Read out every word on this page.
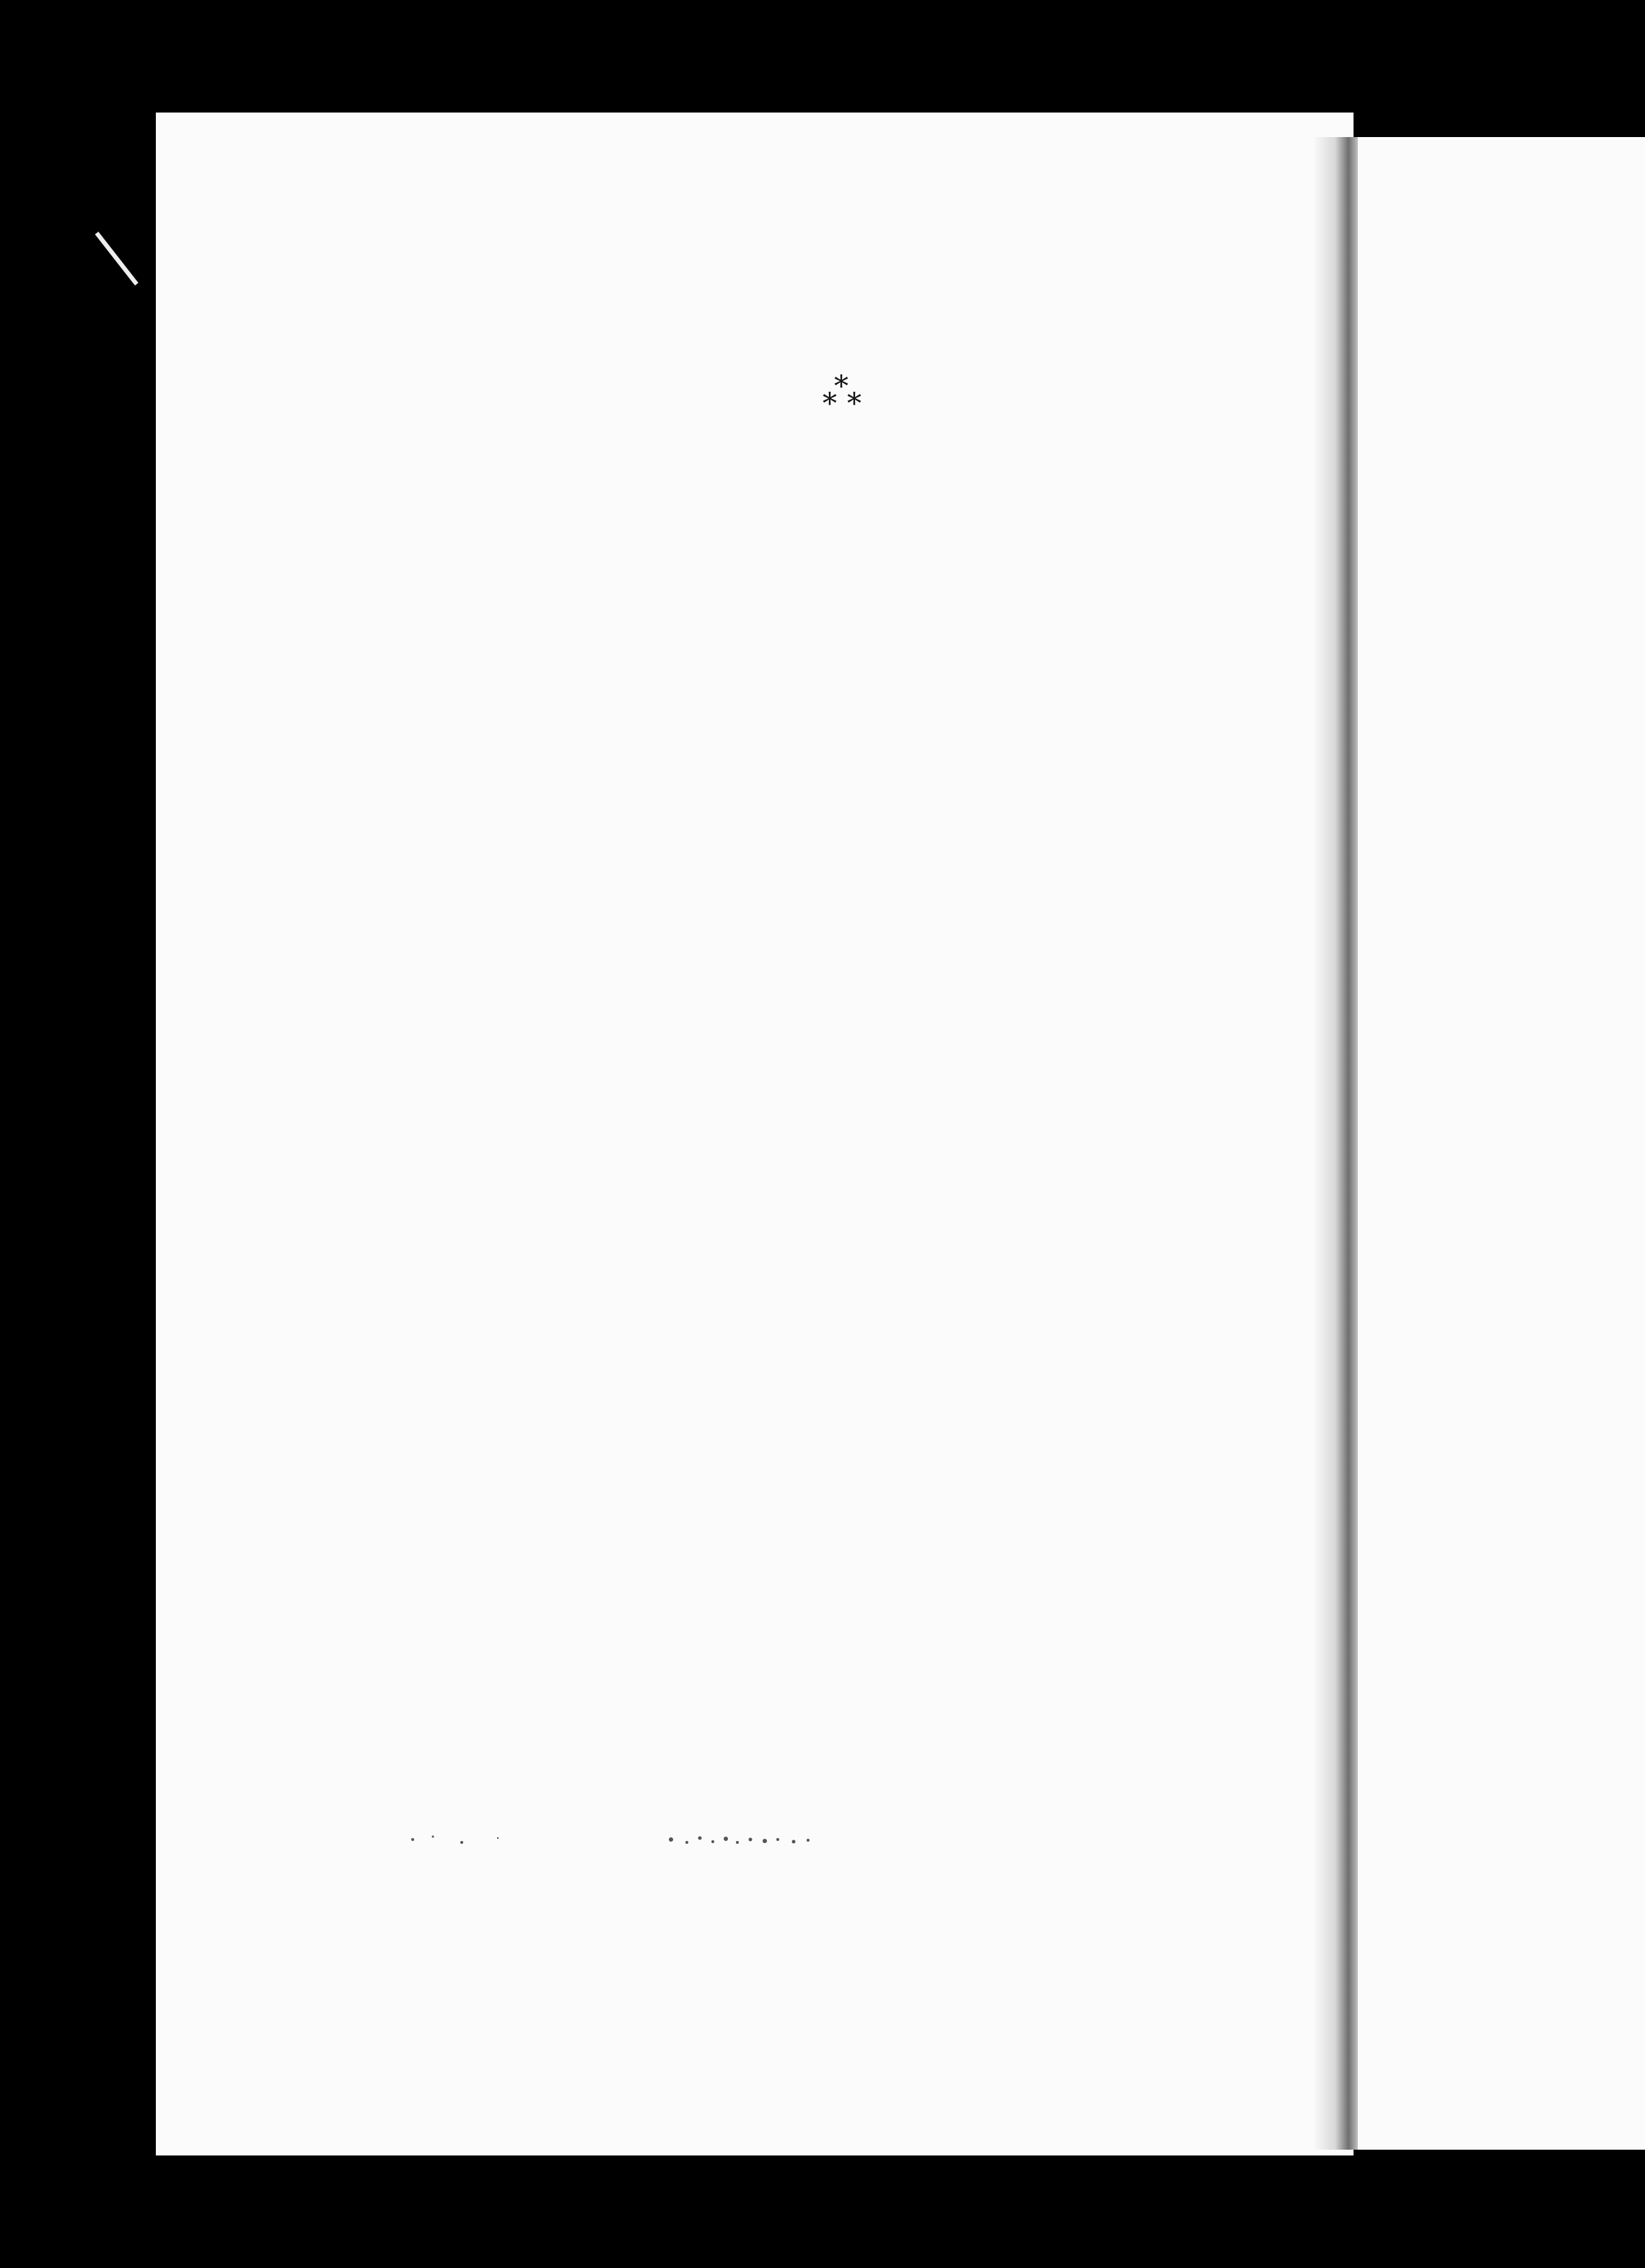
*
* *
